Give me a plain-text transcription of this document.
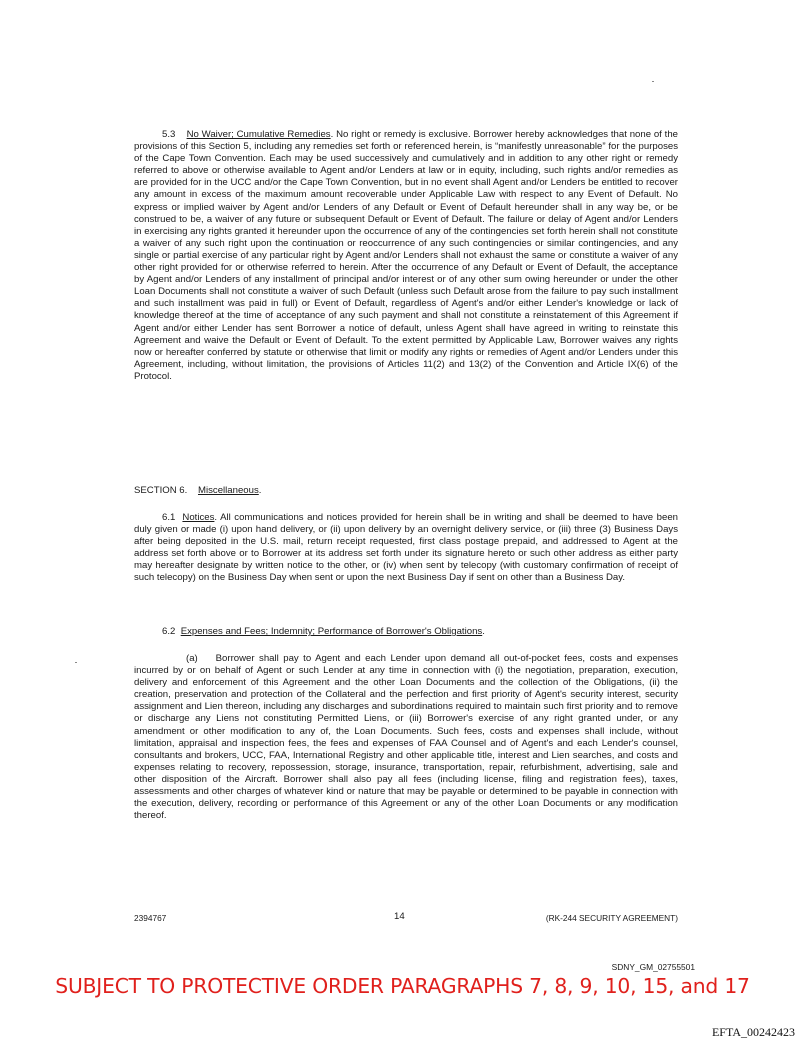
5.3 No Waiver; Cumulative Remedies. No right or remedy is exclusive. Borrower hereby acknowledges that none of the provisions of this Section 5, including any remedies set forth or referenced herein, is “manifestly unreasonable” for the purposes of the Cape Town Convention. Each may be used successively and cumulatively and in addition to any other right or remedy referred to above or otherwise available to Agent and/or Lenders at law or in equity, including, such rights and/or remedies as are provided for in the UCC and/or the Cape Town Convention, but in no event shall Agent and/or Lenders be entitled to recover any amount in excess of the maximum amount recoverable under Applicable Law with respect to any Event of Default. No express or implied waiver by Agent and/or Lenders of any Default or Event of Default hereunder shall in any way be, or be construed to be, a waiver of any future or subsequent Default or Event of Default. The failure or delay of Agent and/or Lenders in exercising any rights granted it hereunder upon the occurrence of any of the contingencies set forth herein shall not constitute a waiver of any such right upon the continuation or reoccurrence of any such contingencies or similar contingencies, and any single or partial exercise of any particular right by Agent and/or Lenders shall not exhaust the same or constitute a waiver of any other right provided for or otherwise referred to herein. After the occurrence of any Default or Event of Default, the acceptance by Agent and/or Lenders of any installment of principal and/or interest or of any other sum owing hereunder or under the other Loan Documents shall not constitute a waiver of such Default (unless such Default arose from the failure to pay such installment and such installment was paid in full) or Event of Default, regardless of Agent's and/or either Lender's knowledge or lack of knowledge thereof at the time of acceptance of any such payment and shall not constitute a reinstatement of this Agreement if Agent and/or either Lender has sent Borrower a notice of default, unless Agent shall have agreed in writing to reinstate this Agreement and waive the Default or Event of Default. To the extent permitted by Applicable Law, Borrower waives any rights now or hereafter conferred by statute or otherwise that limit or modify any rights or remedies of Agent and/or Lenders under this Agreement, including, without limitation, the provisions of Articles 11(2) and 13(2) of the Convention and Article IX(6) of the Protocol.

SECTION 6. Miscellaneous.

6.1 Notices. All communications and notices provided for herein shall be in writing and shall be deemed to have been duly given or made (i) upon hand delivery, or (ii) upon delivery by an overnight delivery service, or (iii) three (3) Business Days after being deposited in the U.S. mail, return receipt requested, first class postage prepaid, and addressed to Agent at the address set forth above or to Borrower at its address set forth under its signature hereto or such other address as either party may hereafter designate by written notice to the other, or (iv) when sent by telecopy (with customary confirmation of receipt of such telecopy) on the Business Day when sent or upon the next Business Day if sent on other than a Business Day.

6.2 Expenses and Fees; Indemnity; Performance of Borrower's Obligations.

(a) Borrower shall pay to Agent and each Lender upon demand all out-of-pocket fees, costs and expenses incurred by or on behalf of Agent or such Lender at any time in connection with (i) the negotiation, preparation, execution, delivery and enforcement of this Agreement and the other Loan Documents and the collection of the Obligations, (ii) the creation, preservation and protection of the Collateral and the perfection and first priority of Agent's security interest, security assignment and Lien thereon, including any discharges and subordinations required to maintain such first priority and to remove or discharge any Liens not constituting Permitted Liens, or (iii) Borrower's exercise of any right granted under, or any amendment or other modification to any of, the Loan Documents. Such fees, costs and expenses shall include, without limitation, appraisal and inspection fees, the fees and expenses of FAA Counsel and of Agent's and each Lender's counsel, consultants and brokers, UCC, FAA, International Registry and other applicable title, interest and Lien searches, and costs and expenses relating to recovery, repossession, storage, insurance, transportation, repair, refurbishment, advertising, sale and other disposition of the Aircraft. Borrower shall also pay all fees (including license, filing and registration fees), taxes, assessments and other charges of whatever kind or nature that may be payable or determined to be payable in connection with the execution, delivery, recording or performance of this Agreement or any of the other Loan Documents or any modification thereof.

2394767	14	(RK-244 SECURITY AGREEMENT)
SDNY_GM_02755501
SUBJECT TO PROTECTIVE ORDER PARAGRAPHS 7, 8, 9, 10, 15, and 17
EFTA_00242423
